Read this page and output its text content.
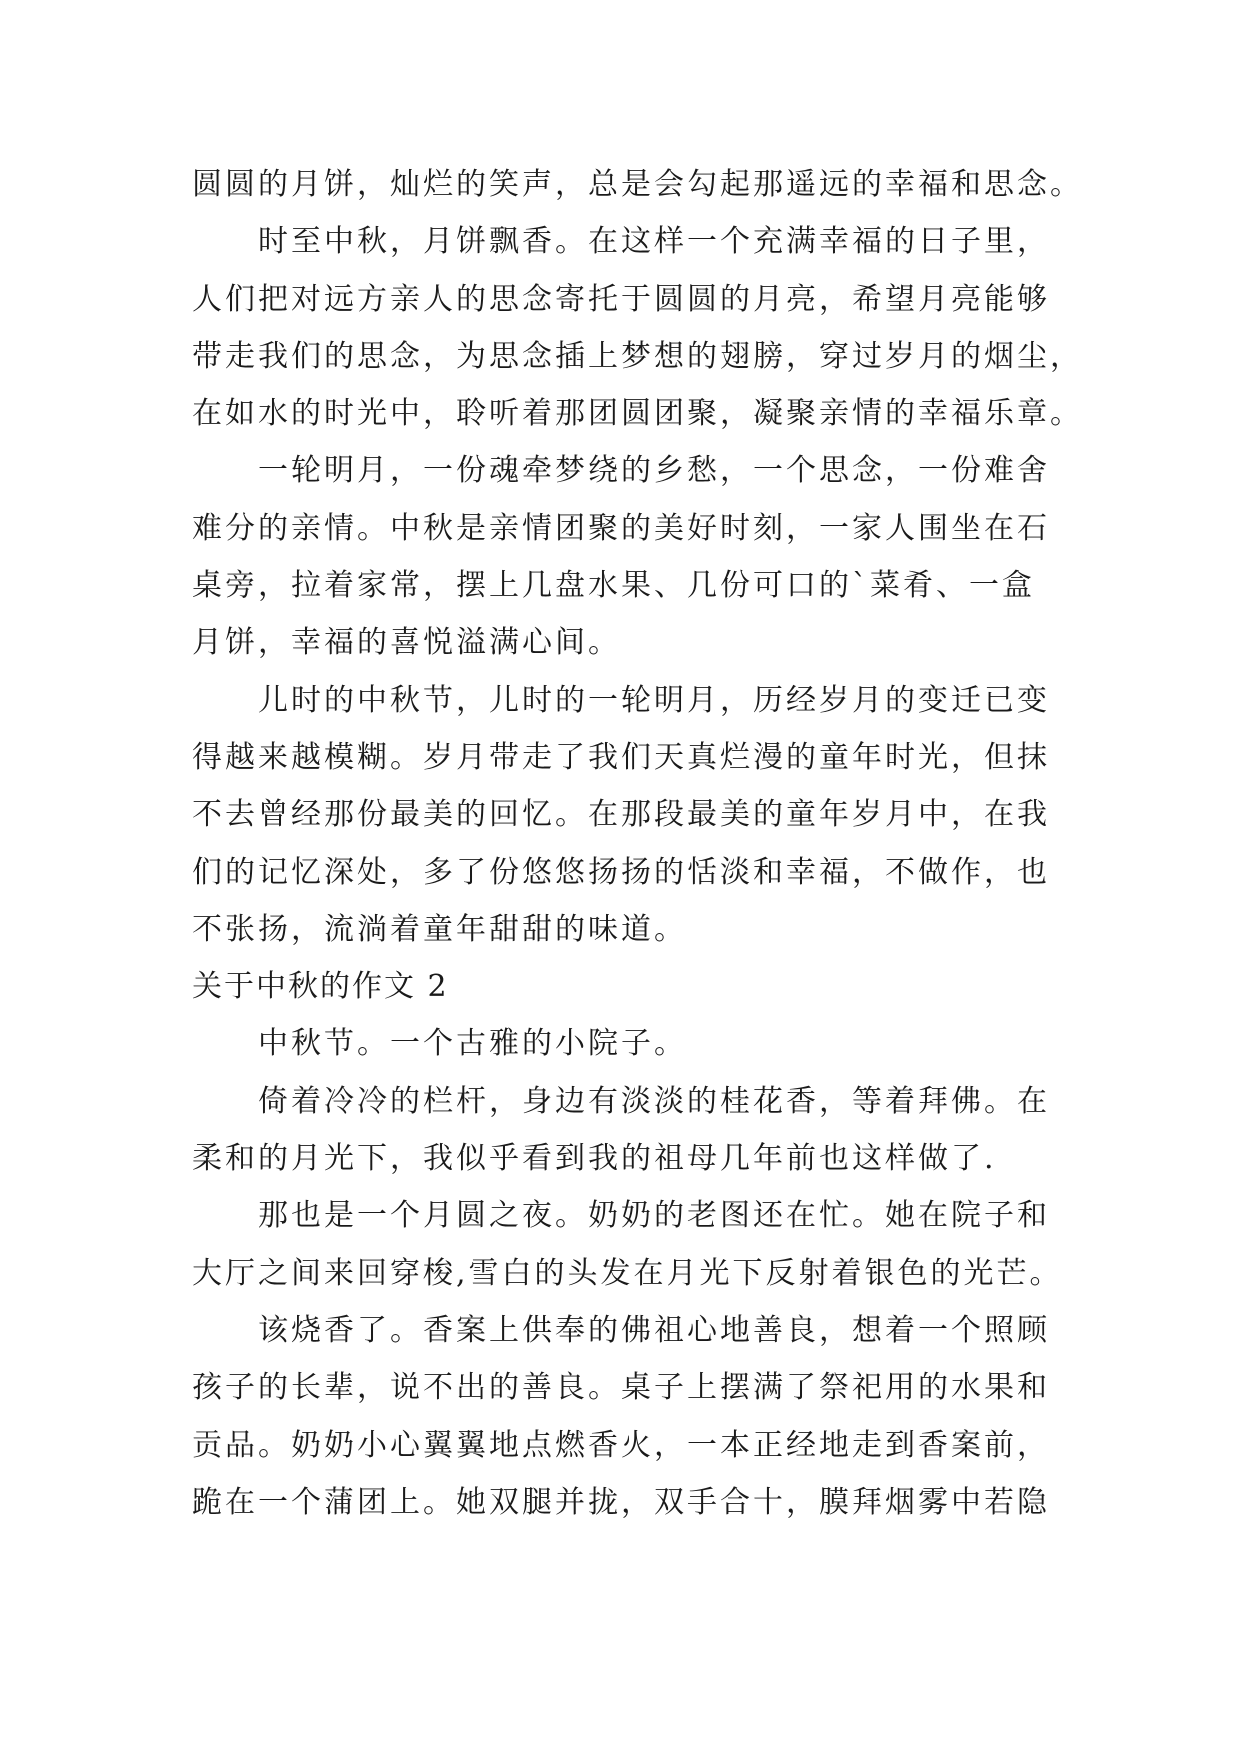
圆圆的月饼，灿烂的笑声，总是会勾起那遥远的幸福和思念。
时至中秋，月饼飘香。在这样一个充满幸福的日子里，
人们把对远方亲人的思念寄托于圆圆的月亮，希望月亮能够
带走我们的思念，为思念插上梦想的翅膀，穿过岁月的烟尘，
在如水的时光中，聆听着那团圆团聚，凝聚亲情的幸福乐章。
一轮明月，一份魂牵梦绕的乡愁，一个思念，一份难舍
难分的亲情。中秋是亲情团聚的美好时刻，一家人围坐在石
桌旁，拉着家常，摆上几盘水果、几份可口的`菜肴、一盒
月饼，幸福的喜悦溢满心间。
儿时的中秋节，儿时的一轮明月，历经岁月的变迁已变
得越来越模糊。岁月带走了我们天真烂漫的童年时光，但抹
不去曾经那份最美的回忆。在那段最美的童年岁月中，在我
们的记忆深处，多了份悠悠扬扬的恬淡和幸福，不做作，也
不张扬，流淌着童年甜甜的味道。
关于中秋的作文 2
中秋节。一个古雅的小院子。
倚着冷冷的栏杆，身边有淡淡的桂花香，等着拜佛。在
柔和的月光下，我似乎看到我的祖母几年前也这样做了.
那也是一个月圆之夜。奶奶的老图还在忙。她在院子和
大厅之间来回穿梭,雪白的头发在月光下反射着银色的光芒。
该烧香了。香案上供奉的佛祖心地善良，想着一个照顾
孩子的长辈，说不出的善良。桌子上摆满了祭祀用的水果和
贡品。奶奶小心翼翼地点燃香火，一本正经地走到香案前，
跪在一个蒲团上。她双腿并拢，双手合十，膜拜烟雾中若隐
